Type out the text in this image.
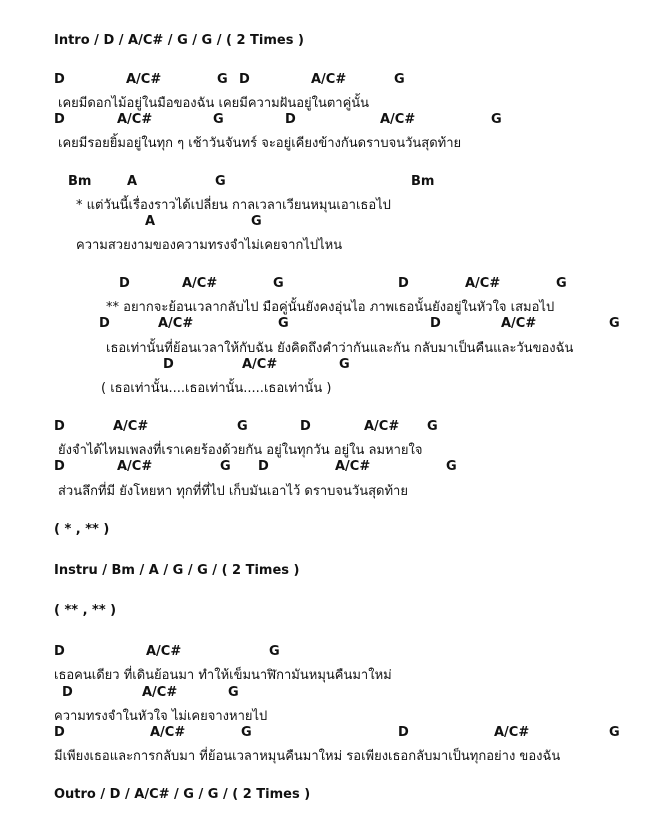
Intro / D / A/C# / G / G / ( 2 Times )
D	A/C#	G D	A/C#	G
เคยมีดอกไม้อยู่ในมือของฉัน เคยมีความฝันอยู่ในตาคู่นั้น
D	A/C#	G	D	A/C#	G
เคยมีรอยยิ้มอยู่ในทุก ๆ เช้าวันจันทร์ จะอยู่เคียงข้างกันดราบจนวันสุดท้าย
Bm	A	G	Bm
* แต่วันนี้เรื่องราวได้เปลี่ยน กาลเวลาเวียนหมุนเอาเธอไป
A	G
ความสวยงามของความทรงจำไม่เคยจากไปไหน
D	A/C#	G	D	A/C#	G
** อยากจะย้อนเวลากลับไป มือคู่นั้นยังคงอุ่นไอ ภาพเธอนั้นยังอยู่ในหัวใจ เสมอไป
D	A/C#	G	D	A/C#	G
เธอเท่านั้นที่ย้อนเวลาให้กับฉัน ยังคิดถึงคำว่ากันและกัน กลับมาเป็นคืนและวันของฉัน
D	A/C#	G
( เธอเท่านั้น....เธอเท่านั้น.....เธอเท่านั้น )
D	A/C#	G	D	A/C# G
ยังจำได้ไหมเพลงที่เราเคยร้องด้วยกัน อยู่ในทุกวัน อยู่ใน ลมหายใจ
D	A/C#	G D	A/C#	G
ส่วนลึกที่มี ยังโหยหา ทุกที่ที่ไป เก็บมันเอาไว้ ดราบจนวันสุดท้าย
( * , ** )
Instru / Bm / A / G / G / ( 2 Times )
( ** , ** )
D	A/C#	G
เธอคนเดียว ที่เดินย้อนมา ทำให้เข็มนาฬิกามันหมุนคืนมาใหม่
D	A/C#	G
ความทรงจำในหัวใจ ไม่เคยจางหายไป
D	A/C#	G	D	A/C#	G
มีเพียงเธอและการกลับมา ที่ย้อนเวลาหมุนคืนมาใหม่ รอเพียงเธอกลับมาเป็นทุกอย่าง ของฉัน
Outro / D / A/C# / G / G / ( 2 Times )
